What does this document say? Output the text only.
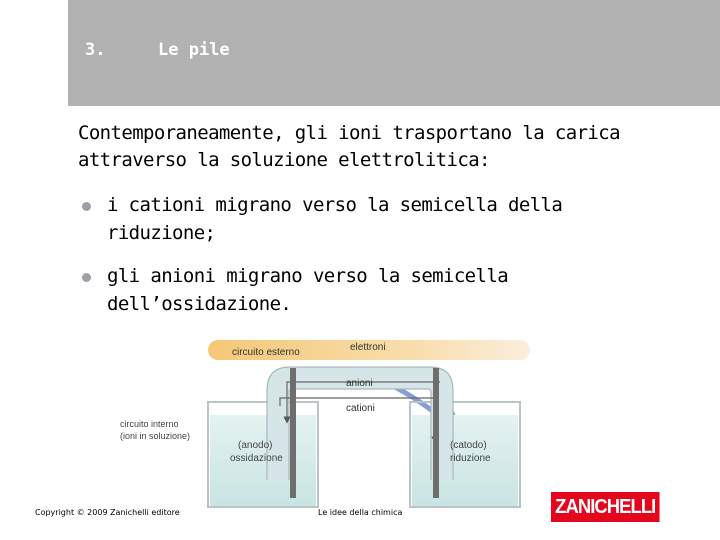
3.	Le pile
Contemporaneamente, gli ioni trasportano la carica attraverso la soluzione elettrolitica:
i cationi migrano verso la semicella della riduzione;
gli anioni migrano verso la semicella dell’ossidazione.
circuito esterno	elettroni
anioni
cationi
circuito interno
(ioni in soluzione)
(anodo)
ossidazione
(catodo)
riduzione
Copyright © 2009 Zanichelli editore	Le idee della chimica	ZANICHELLI
